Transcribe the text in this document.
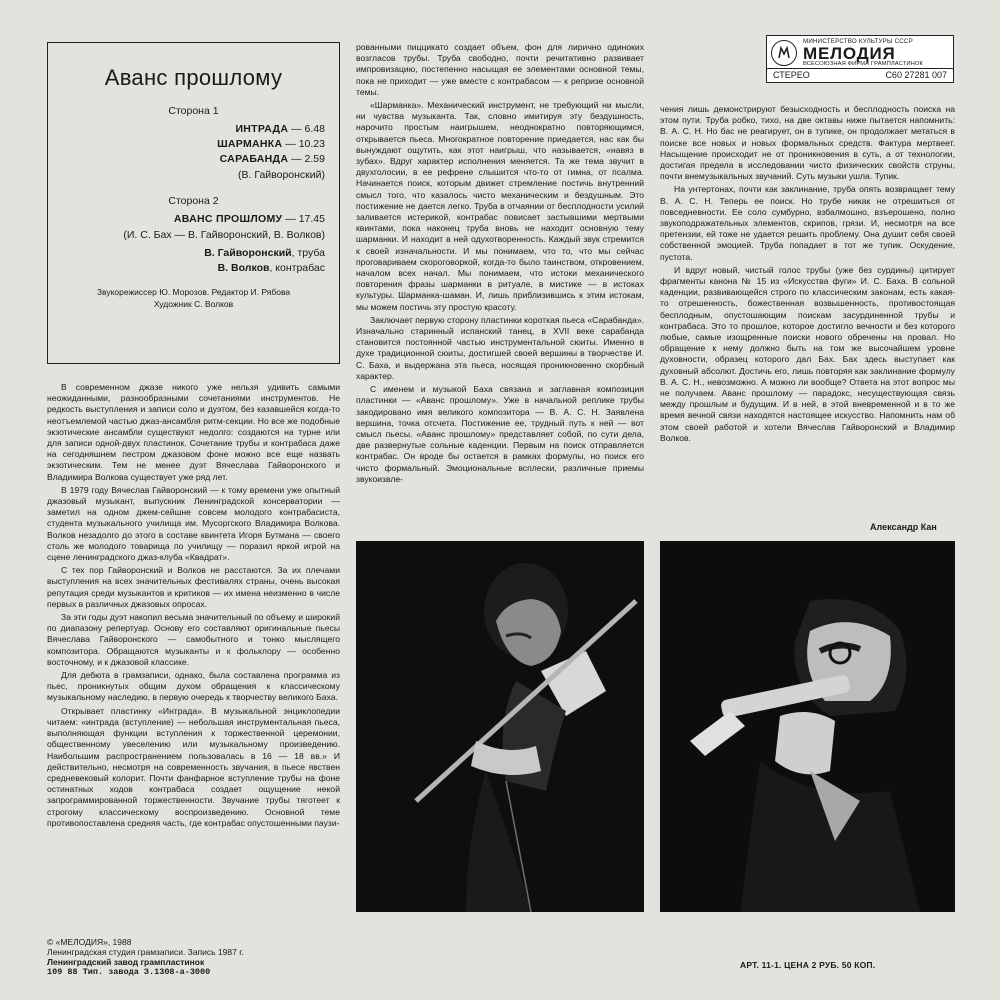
Аванс прошлому
Сторона 1
ИНТРАДА — 6.48
ШАРМАНКА — 10.23
САРАБАНДА — 2.59
(В. Гайворонский)
Сторона 2
АВАНС ПРОШЛОМУ — 17.45
(И. С. Бах — В. Гайворонский, В. Волков)
В. Гайворонский, труба
В. Волков, контрабас
Звукорежиссер Ю. Морозов. Редактор И. Рябова
Художник С. Волков
МИНИСТЕРСТВО КУЛЬТУРЫ СССР
МЕЛОДИЯ
ВСЕСОЮЗНАЯ ФИРМА ГРАМПЛАСТИНОК
СТЕРЕО	С60 27281 007

В современном джазе никого уже нельзя удивить самыми неожиданными, разнообразными сочетаниями инструментов. Не редкость выступления и записи соло и дуэтом, без казавшейся когда-то неотъемлемой частью джаз-ансамбля ритм-секции. Но все же подобные экзотические ансамбли существуют недолго: создаются на турне или для записи одной-двух пластинок. Сочетание трубы и контрабаса даже на сегодняшнем пестром джазовом фоне можно все еще назвать экзотическим. Тем не менее дуэт Вячеслава Гайворонского и Владимира Волкова существует уже ряд лет.

В 1979 году Вячеслав Гайворонский — к тому времени уже опытный джазовый музыкант, выпускник Ленинградской консерватории — заметил на одном джем-сейшне совсем молодого контрабасиста, студента музыкального училища им. Мусоргского Владимира Волкова. Волков незадолго до этого в составе квинтета Игоря Бутмана — своего столь же молодого товарища по училищу — поразил яркой игрой на сцене ленинградского джаз-клуба «Квадрат».

С тех пор Гайворонский и Волков не расстаются. За их плечами выступления на всех значительных фестивалях страны, очень высокая репутация среди музыкантов и критиков — их имена неизменно в числе первых в различных джазовых опросах.

За эти годы дуэт накопил весьма значительный по объему и широкий по диапазону репертуар. Основу его составляют оригинальные пьесы Вячеслава Гайворонского — самобытного и тонко мыслящего композитора. Обращаются музыканты и к фольклору — особенно восточному, и к джазовой классике.

Для дебюта в грамзаписи, однако, была составлена программа из пьес, проникнутых общим духом обращения к классическому музыкальному наследию, в первую очередь к творчеству великого Баха.

Открывает пластинку «Интрада». В музыкальной энциклопедии читаем: «интрада (вступление) — небольшая инструментальная пьеса, выполняющая функции вступления к торжественной церемонии, общественному увеселению или музыкальному произведению. Наибольшим распространением пользовалась в 16 — 18 вв.» И действительно, несмотря на современность звучания, в пьесе явствен средневековый колорит. Почти фанфарное вступление трубы на фоне остинатных ходов контрабаса создает ощущение некой запрограммированной торжественности. Звучание трубы тяготеет к строгому классическому воспроизведению. Основной теме противопоставлена средняя часть, где контрабас опустошенными паузи-

рованными пиццикато создает объем, фон для лирично одиноких возгласов трубы. Труба свободно, почти речитативно развивает импровизацию, постепенно насыщая ее элементами основной темы, пока не приходит — уже вместе с контрабасом — к репризе основной темы.

«Шарманка». Механический инструмент, не требующий ни мысли, ни чувства музыканта. Так, словно имитируя эту бездушность, нарочито простым наигрышем, неоднократно повторяющимся, открывается пьеса. Многократное повторение приедается, нас как бы вынуждают ощутить, как этот наигрыш, что называется, «навяз в зубах». Вдруг характер исполнения меняется. Та же тема звучит в двухголосии, в ее рефрене слышится что-то от гимна, от псалма. Начинается поиск, которым движет стремление постичь внутренний смысл того, что казалось чисто механическим и бездушным. Это постижение не дается легко. Труба в отчаянии от бесплодности усилий заливается истерикой, контрабас повисает застывшими мертвыми квинтами, пока наконец труба вновь не находит основную тему шарманки. И находит в ней одухотворенность. Каждый звук стремится к своей изначальности. И мы понимаем, что то, что мы сейчас проговариваем скороговоркой, когда-то было таинством, откровением, началом всех начал. Мы понимаем, что истоки механического повторения фразы шарманки в ритуале, в мистике — в истоках культуры. Шарманка-шаман. И, лишь приблизившись к этим истокам, мы можем постичь эту простую красоту.

Заключает первую сторону пластинки короткая пьеса «Сарабанда». Изначально старинный испанский танец, в XVII веке сарабанда становится постоянной частью инструментальной сюиты. Именно в духе традиционной сюиты, достигшей своей вершины в творчестве И. С. Баха, и выдержана эта пьеса, носящая проникновенно скорбный характер.

С именем и музыкой Баха связана и заглавная композиция пластинки — «Аванс прошлому». Уже в начальной реплике трубы закодировано имя великого композитора — В. А. С. Н. Заявлена вершина, точка отсчета. Постижение ее, трудный путь к ней — вот смысл пьесы. «Аванс прошлому» представляет собой, по сути дела, две развернутые сольные каденции. Первым на поиск отправляется контрабас. Он вроде бы остается в рамках формулы, но поиск его чисто формальный. Эмоциональные всплески, различные приемы звукоизвле-

чения лишь демонстрируют безысходность и бесплодность поиска на этом пути. Труба робко, тихо, на две октавы ниже пытается напомнить: В. А. С. Н. Но бас не реагирует, он в тупике, он продолжает метаться в поиске все новых и новых формальных средств. Фактура мертвеет. Насыщение происходит не от проникновения в суть, а от технологии, достигая предела в исследовании чисто физических свойств струны, почти внемузыкальных звучаний. Суть музыки ушла. Тупик.

На унтертонах, почти как заклинание, труба опять возвращает тему В. А. С. Н. Теперь ее поиск. Но трубе никак не отрешиться от повседневности. Ее соло сумбурно, взбалмошно, взъерошено, полно звукоподражательных элементов, скрипов, грязи. И, несмотря на все претензии, ей тоже не удается решить проблему. Она душит себя своей собственной эмоцией. Труба попадает в тот же тупик. Оскудение, пустота.

И вдруг новый, чистый голос трубы (уже без сурдины) цитирует фрагменты канона № 15 из «Искусства фуги» И. С. Баха. В сольной каденции, развивающейся строго по классическим законам, есть какая-то отрешенность, божественная возвышенность, противостоящая бесплодным, опустошающим поискам засурдиненной трубы и контрабаса. Это то прошлое, которое достигло вечности и без которого любые, самые изощренные поиски нового обречены на провал. Но обращение к нему должно быть на том же высочайшем уровне духовности, образец которого дал Бах. Бах здесь выступает как духовный абсолют. Достичь его, лишь повторяя как заклинание формулу В. А. С. Н., невозможно. А можно ли вообще? Ответа на этот вопрос мы не получаем. Аванс прошлому — парадокс, несуществующая связь между прошлым и будущим. И в ней, в этой вневременной и в то же время вечной связи находятся настоящее искусство. Напомнить нам об этом своей работой и хотели Вячеслав Гайворонский и Владимир Волков.

Александр Кан
© «МЕЛОДИЯ», 1988
Ленинградская студия грамзаписи. Запись 1987 г.
Ленинградский завод грамплaстинок
109 88 Тип. завода З.1308-а-3000
АРТ. 11-1. ЦЕНА 2 РУБ. 50 КОП.
